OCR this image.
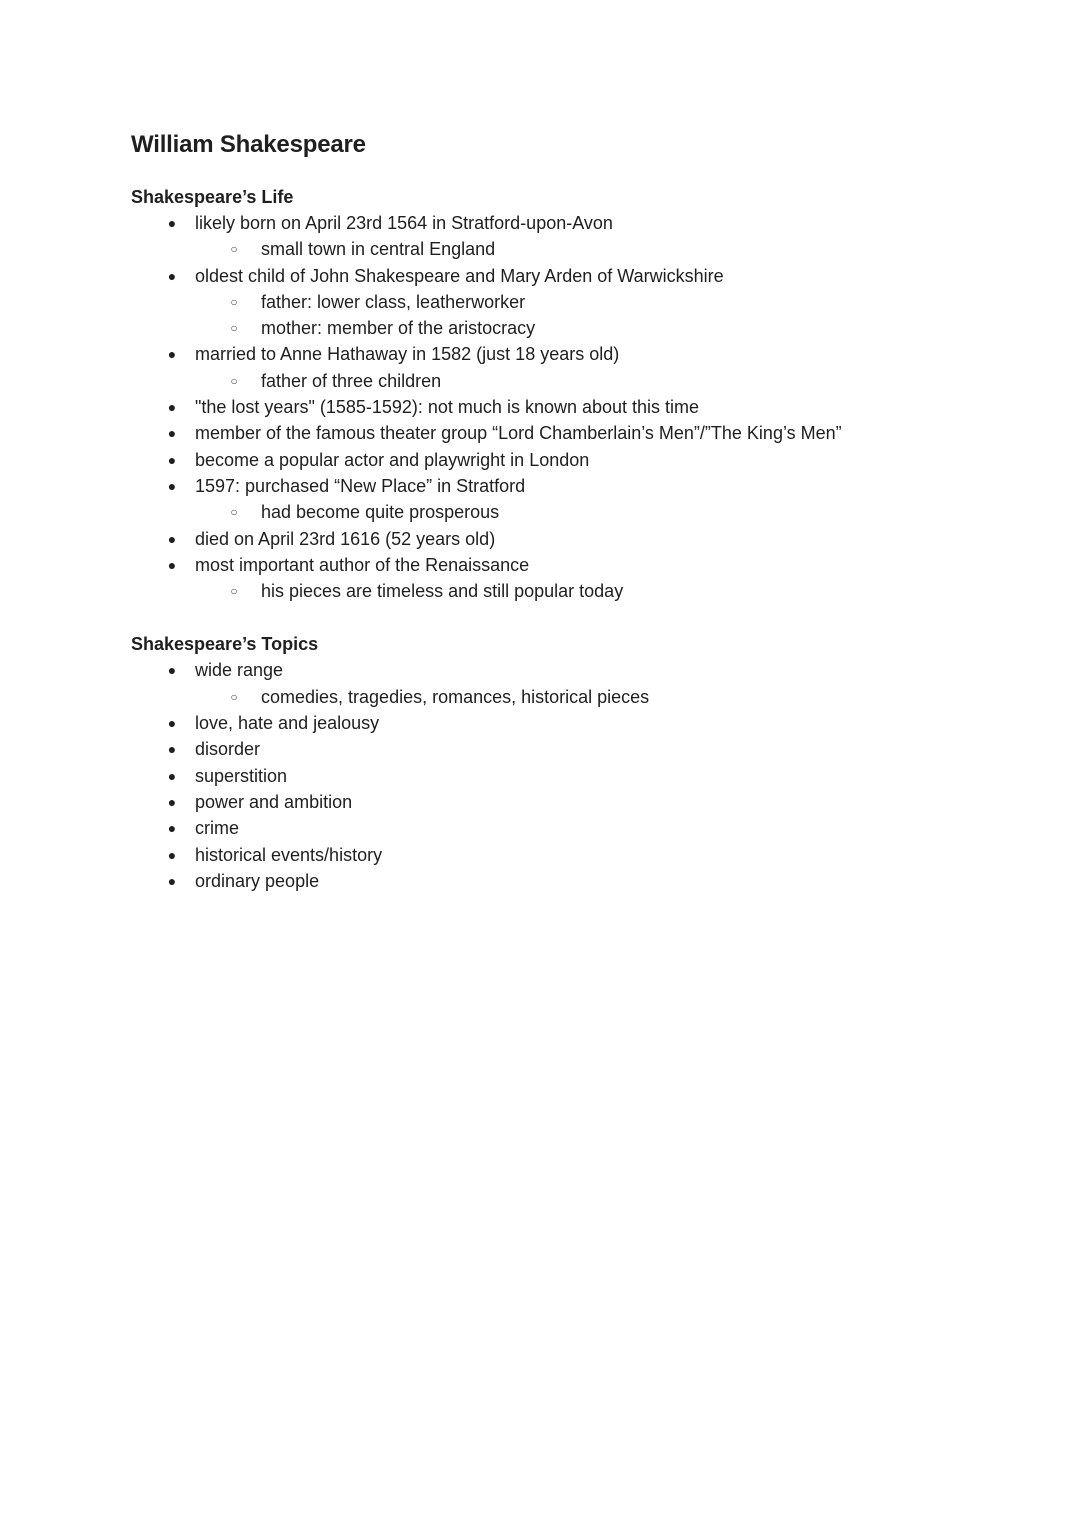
William Shakespeare
Shakespeare’s Life
● likely born on April 23rd 1564 in Stratford-upon-Avon
○ small town in central England
● oldest child of John Shakespeare and Mary Arden of Warwickshire
○ father: lower class, leatherworker
○ mother: member of the aristocracy
● married to Anne Hathaway in 1582 (just 18 years old)
○ father of three children
● "the lost years" (1585-1592): not much is known about this time
● member of the famous theater group “Lord Chamberlain’s Men”/”The King’s Men”
● become a popular actor and playwright in London
● 1597: purchased “New Place” in Stratford
○ had become quite prosperous
● died on April 23rd 1616 (52 years old)
● most important author of the Renaissance
○ his pieces are timeless and still popular today
Shakespeare’s Topics
● wide range
○ comedies, tragedies, romances, historical pieces
● love, hate and jealousy
● disorder
● superstition
● power and ambition
● crime
● historical events/history
● ordinary people
